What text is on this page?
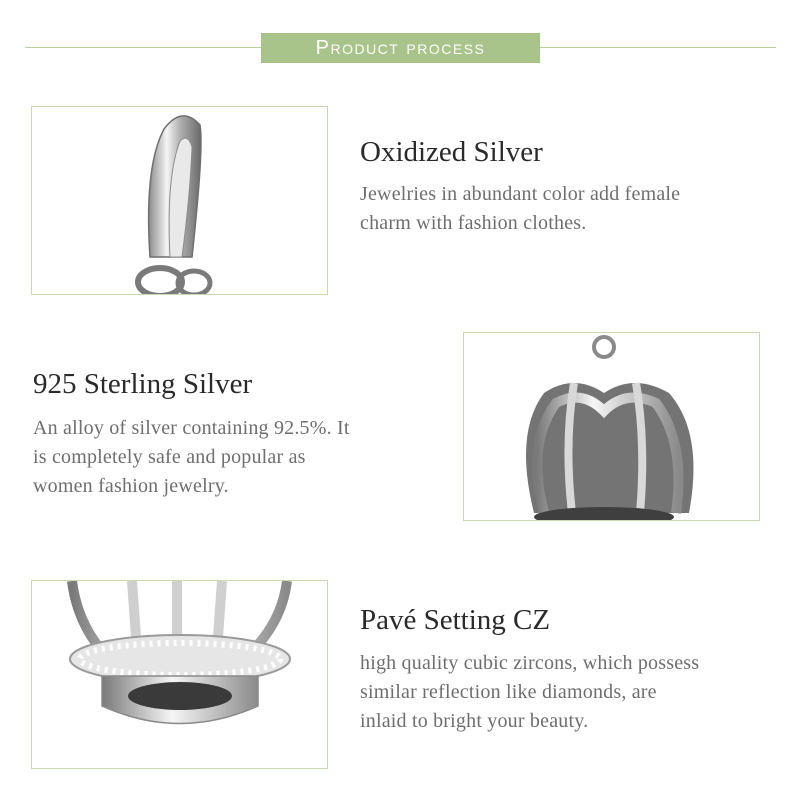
Product process
Oxidized Silver
Jewelries in abundant color add female
charm with fashion clothes.
925 Sterling Silver
An alloy of silver containing 92.5%. It
is completely safe and popular as
women fashion jewelry.
Pavé Setting CZ
high quality cubic zircons, which possess
similar reflection like diamonds, are
inlaid to bright your beauty.
